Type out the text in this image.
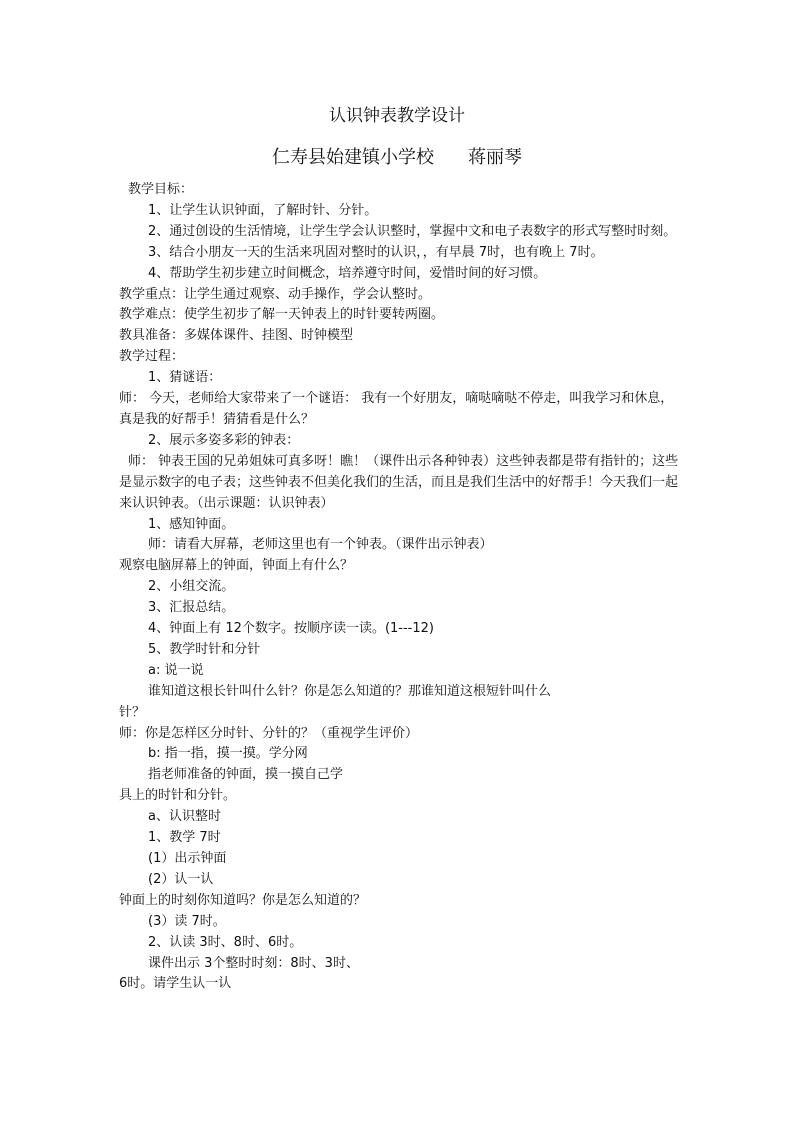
认识钟表教学设计
仁寿县始建镇小学校 蒋丽琴

教学目标：

1、让学生认识钟面，了解时针、分针。

2、通过创设的生活情境，让学生学会认识整时，掌握中文和电子表数字的形式写整时时刻。

3、结合小朋友一天的生活来巩固对整时的认识，，有早晨 7时，也有晚上 7时。

4、帮助学生初步建立时间概念，培养遵守时间，爱惜时间的好习惯。

教学重点：让学生通过观察、动手操作，学会认整时。

教学难点：使学生初步了解一天钟表上的时针要转两圈。

教具准备：多媒体课件、挂图、时钟模型

教学过程：

1、猜谜语：

师： 今天，老师给大家带来了一个谜语： 我有一个好朋友，嘀哒嘀哒不停走，叫我学习和休息，真是我的好帮手！猜猜看是什么？

2、展示多姿多彩的钟表：

师： 钟表王国的兄弟姐妹可真多呀！瞧！（课件出示各种钟表）这些钟表都是带有指针的；这些是显示数字的电子表；这些钟表不但美化我们的生活，而且是我们生活中的好帮手！今天我们一起来认识钟表。（出示课题：认识钟表）

1、感知钟面。

师：请看大屏幕，老师这里也有一个钟表。（课件出示钟表）

观察电脑屏幕上的钟面，钟面上有什么？

2、小组交流。

3、汇报总结。

4、钟面上有 12个数字。按顺序读一读。(1---12)

5、教学时针和分针

a: 说一说

谁知道这根长针叫什么针？你是怎么知道的？那谁知道这根短针叫什么

针？

师：你是怎样区分时针、分针的？（重视学生评价）

b: 指一指，摸一摸。学分网

指老师准备的钟面，摸一摸自己学

具上的时针和分针。

a、认识整时

1、教学 7时

(1）出示钟面

(2）认一认

钟面上的时刻你知道吗？你是怎么知道的？

(3）读 7时。

2、认读 3时、8时、6时。

课件出示 3个整时时刻：8时、3时、

6时。请学生认一认
